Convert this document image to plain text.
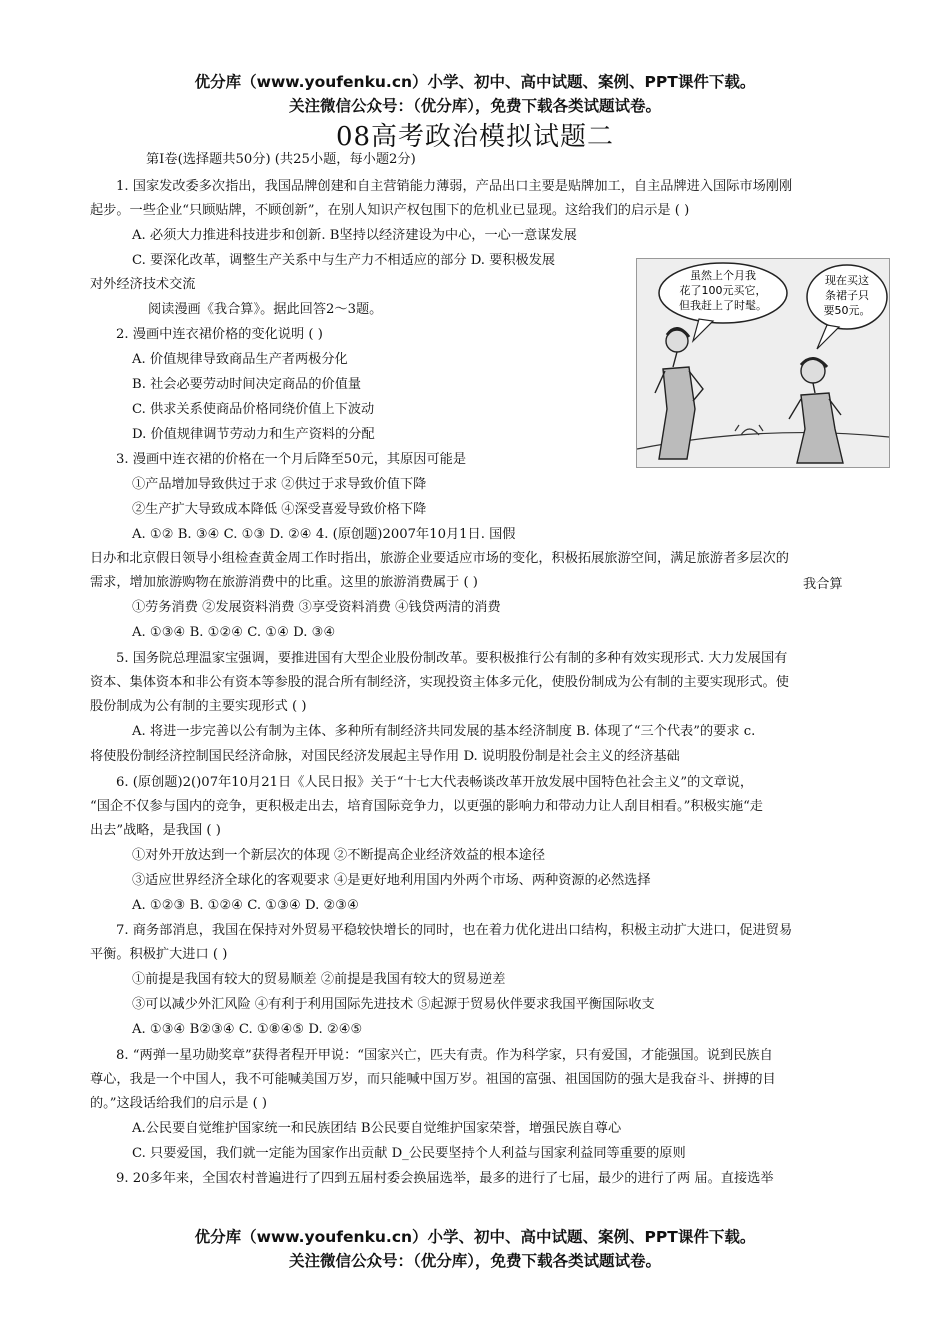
优分库（www.youfenku.cn）小学、初中、高中试题、案例、PPT课件下载。
关注微信公众号：（优分库），免费下载各类试题试卷。
08高考政治模拟试题二
第Ⅰ卷(选择题共50分) (共25小题，每小题2分)
1. 国家发改委多次指出，我国品牌创建和自主营销能力薄弱，产品出口主要是贴牌加工，自主品牌进入国际市场刚刚
起步。一些企业“只顾贴牌，不顾创新”，在别人知识产权包围下的危机业已显现。这给我们的启示是 ( )
A. 必须大力推进科技进步和创新. B坚持以经济建设为中心，一心一意谋发展
C. 要深化改革，调整生产关系中与生产力不相适应的部分 D. 要积极发展
对外经济技术交流
阅读漫画《我合算》。据此回答2～3题。
2. 漫画中连衣裙价格的变化说明 ( )
A. 价值规律导致商品生产者两极分化
B. 社会必要劳动时间决定商品的价值量
C. 供求关系使商品价格同绕价值上下波动
D. 价值规律调节劳动力和生产资料的分配
3. 漫画中连衣裙的价格在一个月后降至50元，其原因可能是
①产品增加导致供过于求 ②供过于求导致价值下降
②生产扩大导致成本降低 ④深受喜爱导致价格下降
A. ①② B. ③④ C. ①③ D. ②④ 4. (原创题)2007年10月1日. 国假
日办和北京假日领导小组检查黄金周工作时指出，旅游企业要适应市场的变化，积极拓展旅游空间，满足旅游者多层次的
需求，增加旅游购物在旅游消费中的比重。这里的旅游消费属于 ( )	我合算
①劳务消费 ②发展资料消费 ③享受资料消费 ④钱贷两清的消费
A. ①③④ B. ①②④ C. ①④ D. ③④
5. 国务院总理温家宝强调，要推进国有大型企业股份制改革。要积极推行公有制的多种有效实现形式. 大力发展国有
资本、集体资本和非公有资本等参股的混合所有制经济，实现投资主体多元化，使股份制成为公有制的主要实现形式。使
股份制成为公有制的主要实现形式 ( )
A. 将进一步完善以公有制为主体、多种所有制经济共同发展的基本经济制度 B. 体现了“三个代表”的要求 c.
将使股份制经济控制国民经济命脉，对国民经济发展起主导作用 D. 说明股份制是社会主义的经济基础
6. (原创题)2()07年10月21日《人民日报》关于“十七大代表畅谈改革开放发展中国特色社会主义”的文章说，
“国企不仅参与国内的竞争，更积极走出去，培育国际竞争力，以更强的影响力和带动力让人刮目相看。”积极实施“走
出去”战略，是我国 ( )
①对外开放达到一个新层次的体现 ②不断提高企业经济效益的根本途径
③适应世界经济全球化的客观要求 ④是更好地利用国内外两个市场、两种资源的必然选择
A. ①②③ B. ①②④ C. ①③④ D. ②③④
7. 商务部消息，我国在保持对外贸易平稳较快增长的同时，也在着力优化进出口结构，积极主动扩大进口，促进贸易
平衡。积极扩大进口 ( )
①前提是我国有较大的贸易顺差 ②前提是我国有较大的贸易逆差
③可以减少外汇风险 ④有利于利用国际先进技术 ⑤起源于贸易伙伴要求我国平衡国际收支
A. ①③④ B②③④ C. ①⑧④⑤ D. ②④⑤
8. “两弹一星功勋奖章”获得者程开甲说：“国家兴亡，匹夫有责。作为科学家，只有爱国，才能强国。说到民族自
尊心，我是一个中国人，我不可能喊美国万岁，而只能喊中国万岁。祖国的富强、祖国国防的强大是我奋斗、拼搏的目
的。”这段话给我们的启示是 ( )
A.公民要自觉维护国家统一和民族团结 B公民要自觉维护国家荣誉，增强民族自尊心
C. 只要爱国，我们就一定能为国家作出贡献 D_公民要坚持个人利益与国家利益同等重要的原则
9. 20多年来，全国农村普遍进行了四到五届村委会换届选举，最多的进行了七届，最少的进行了两 届。直接选举
优分库（www.youfenku.cn）小学、初中、高中试题、案例、PPT课件下载。
关注微信公众号：（优分库），免费下载各类试题试卷。
虽然上个月我
花了100元买它，
但我赶上了时髦。
现在买这
条裙子只
要50元。
